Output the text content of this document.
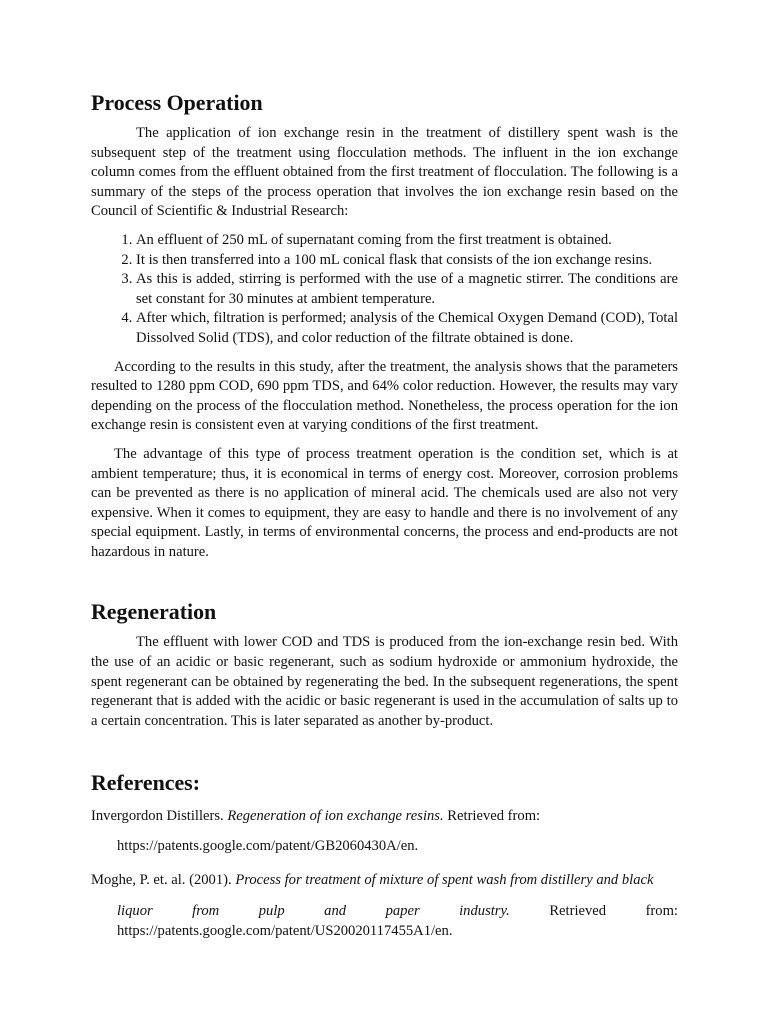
Process Operation

The application of ion exchange resin in the treatment of distillery spent wash is the subsequent step of the treatment using flocculation methods. The influent in the ion exchange column comes from the effluent obtained from the first treatment of flocculation. The following is a summary of the steps of the process operation that involves the ion exchange resin based on the Council of Scientific & Industrial Research:

1. An effluent of 250 mL of supernatant coming from the first treatment is obtained.
2. It is then transferred into a 100 mL conical flask that consists of the ion exchange resins.
3. As this is added, stirring is performed with the use of a magnetic stirrer. The conditions are set constant for 30 minutes at ambient temperature.
4. After which, filtration is performed; analysis of the Chemical Oxygen Demand (COD), Total Dissolved Solid (TDS), and color reduction of the filtrate obtained is done.

According to the results in this study, after the treatment, the analysis shows that the parameters resulted to 1280 ppm COD, 690 ppm TDS, and 64% color reduction. However, the results may vary depending on the process of the flocculation method. Nonetheless, the process operation for the ion exchange resin is consistent even at varying conditions of the first treatment.

The advantage of this type of process treatment operation is the condition set, which is at ambient temperature; thus, it is economical in terms of energy cost. Moreover, corrosion problems can be prevented as there is no application of mineral acid. The chemicals used are also not very expensive. When it comes to equipment, they are easy to handle and there is no involvement of any special equipment. Lastly, in terms of environmental concerns, the process and end-products are not hazardous in nature.

Regeneration

The effluent with lower COD and TDS is produced from the ion-exchange resin bed. With the use of an acidic or basic regenerant, such as sodium hydroxide or ammonium hydroxide, the spent regenerant can be obtained by regenerating the bed. In the subsequent regenerations, the spent regenerant that is added with the acidic or basic regenerant is used in the accumulation of salts up to a certain concentration. This is later separated as another by-product.

References:
Invergordon Distillers. Regeneration of ion exchange resins. Retrieved from:
https://patents.google.com/patent/GB2060430A/en.
Moghe, P. et. al. (2001). Process for treatment of mixture of spent wash from distillery and black
liquor from pulp and paper industry.	Retrieved from:
https://patents.google.com/patent/US20020117455A1/en.
